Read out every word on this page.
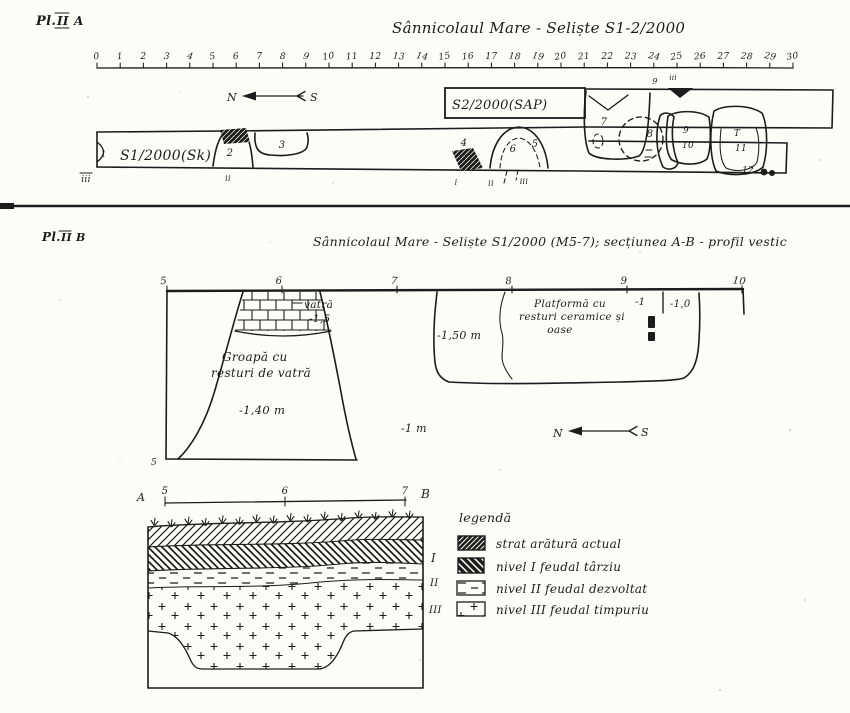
Pl. II A	Sânnicolaul Mare - Seliște S1-2/2000
0 1 2 3 4 5 6 7 8 9 10 11 12 13 14 15 16 17 18 19 20 21 22 23 24 25 26 27 28 29 30
N	S
S1/2000(Sk)
S2/2000(SAP)
1	2
ii
3	4
i
6 5
ii	iii
7
8	9
10
T
11
12
9 iii
iii
Pl. II B	Sânnicolaul Mare - Seliște S1/2000 (M5-7); secțiunea A-B - profil vestic
5	6	7	8	9	10
5
vatră
-1,5
Groapă cu
resturi de vatră
-1,40 m
Platformă cu
resturi ceramice și
oase
-1,50 m
-1 -1,0
-1 m	N	S
A	B
5	6	7
I
II
III
legendă
strat arătură actual
nivel I feudal târziu
nivel II feudal dezvoltat
nivel III feudal timpuriu
